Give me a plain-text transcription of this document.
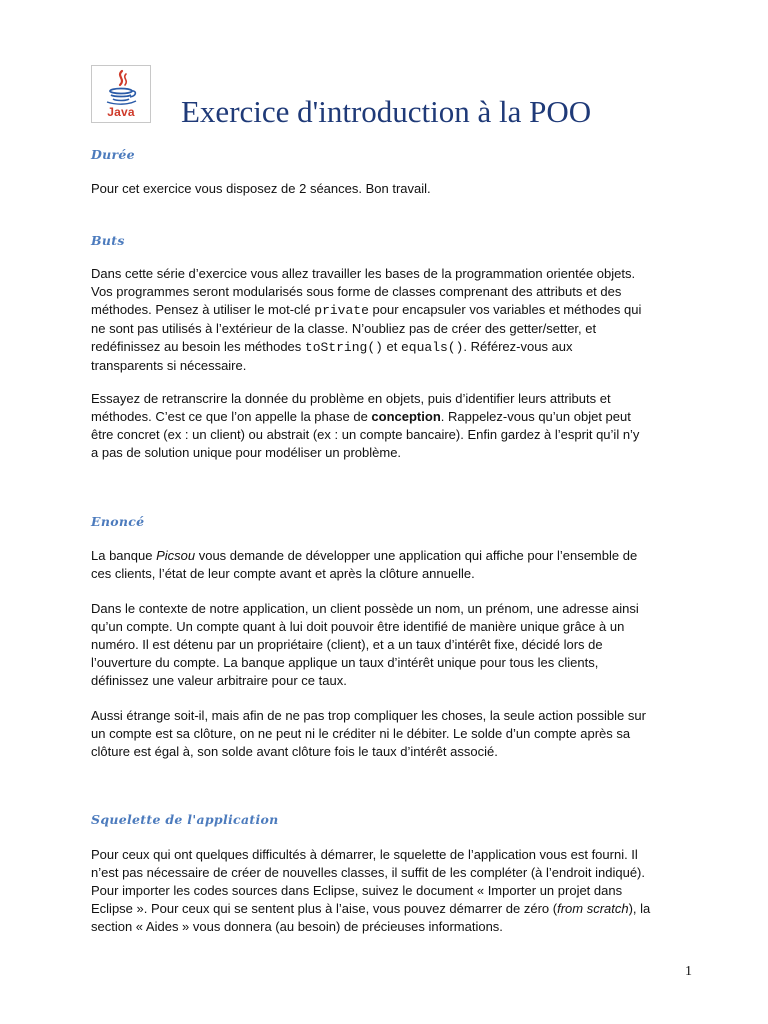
Java	Exercice d'introduction à la POO
Durée

Pour cet exercice vous disposez de 2 séances. Bon travail.

Buts

Dans cette série d’exercice vous allez travailler les bases de la programmation orientée objets.
Vos programmes seront modularisés sous forme de classes comprenant des attributs et des
méthodes. Pensez à utiliser le mot-clé private pour encapsuler vos variables et méthodes qui
ne sont pas utilisés à l’extérieur de la classe. N’oubliez pas de créer des getter/setter, et
redéfinissez au besoin les méthodes toString() et equals(). Référez-vous aux
transparents si nécessaire.

Essayez de retranscrire la donnée du problème en objets, puis d’identifier leurs attributs et
méthodes. C’est ce que l’on appelle la phase de conception. Rappelez-vous qu’un objet peut
être concret (ex : un client) ou abstrait (ex : un compte bancaire). Enfin gardez à l’esprit qu’il n’y
a pas de solution unique pour modéliser un problème.

Enoncé

La banque Picsou vous demande de développer une application qui affiche pour l’ensemble de
ces clients, l’état de leur compte avant et après la clôture annuelle.

Dans le contexte de notre application, un client possède un nom, un prénom, une adresse ainsi
qu’un compte. Un compte quant à lui doit pouvoir être identifié de manière unique grâce à un
numéro. Il est détenu par un propriétaire (client), et a un taux d’intérêt fixe, décidé lors de
l’ouverture du compte. La banque applique un taux d’intérêt unique pour tous les clients,
définissez une valeur arbitraire pour ce taux.

Aussi étrange soit-il, mais afin de ne pas trop compliquer les choses, la seule action possible sur
un compte est sa clôture, on ne peut ni le créditer ni le débiter. Le solde d’un compte après sa
clôture est égal à, son solde avant clôture fois le taux d’intérêt associé.

Squelette de l'application

Pour ceux qui ont quelques difficultés à démarrer, le squelette de l’application vous est fourni. Il
n’est pas nécessaire de créer de nouvelles classes, il suffit de les compléter (à l’endroit indiqué).
Pour importer les codes sources dans Eclipse, suivez le document « Importer un projet dans
Eclipse ». Pour ceux qui se sentent plus à l’aise, vous pouvez démarrer de zéro (from scratch), la
section « Aides » vous donnera (au besoin) de précieuses informations.

1
